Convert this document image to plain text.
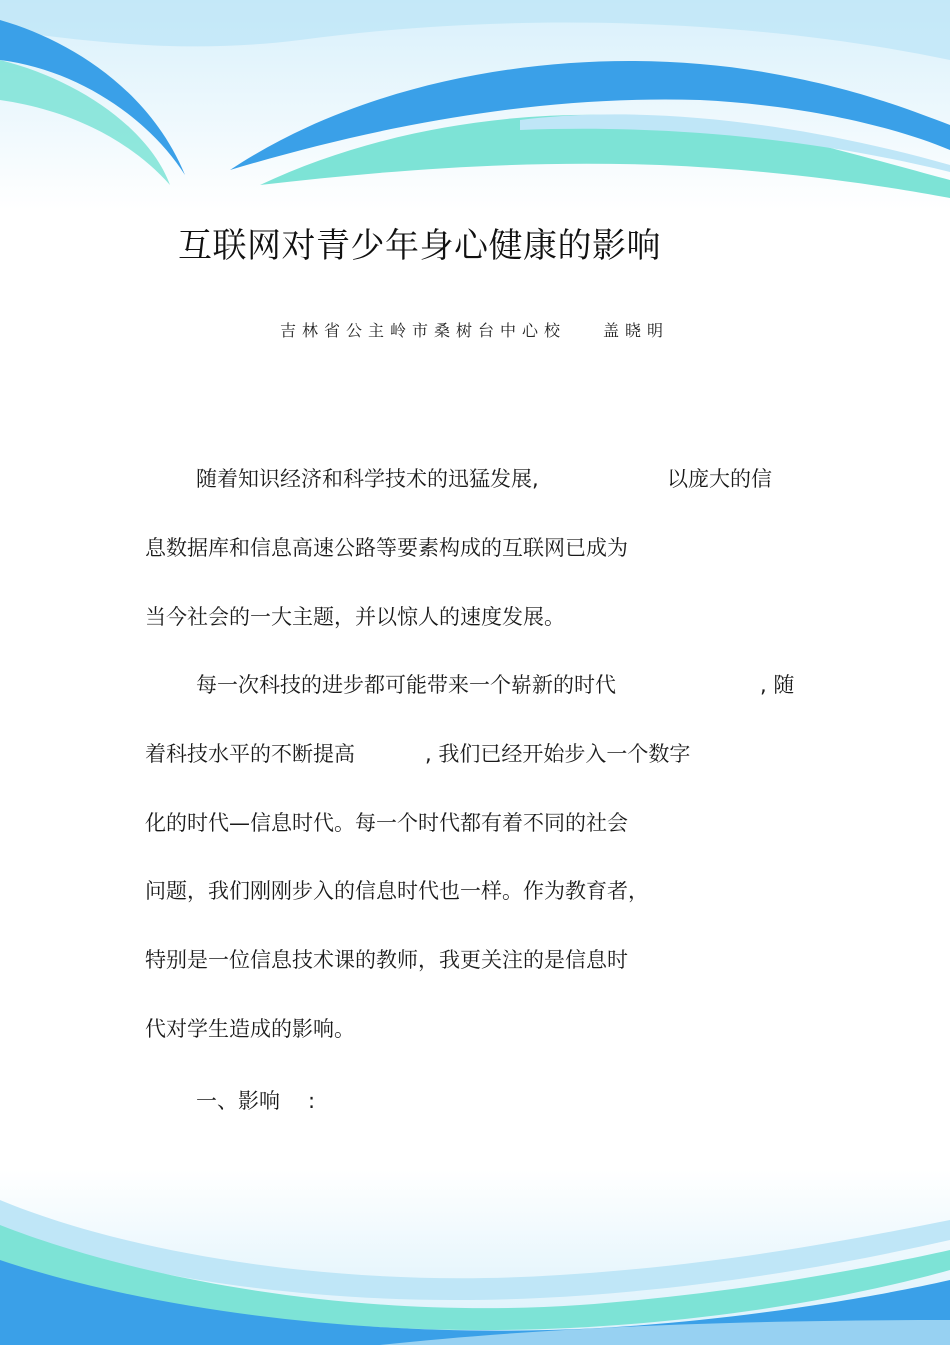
互联网对青少年身心健康的影响
吉林省公主岭市桑树台中心校 盖晓明
随着知识经济和科学技术的迅猛发展,	以庞大的信
息数据库和信息高速公路等要素构成的互联网已成为
当今社会的一大主题，并以惊人的速度发展。
每一次科技的进步都可能带来一个崭新的时代	, 随
着科技水平的不断提高	, 我们已经开始步入一个数字
化的时代—信息时代。每一个时代都有着不同的社会
问题，我们刚刚步入的信息时代也一样。作为教育者，
特别是一位信息技术课的教师，我更关注的是信息时
代对学生造成的影响。
一、影响 :
